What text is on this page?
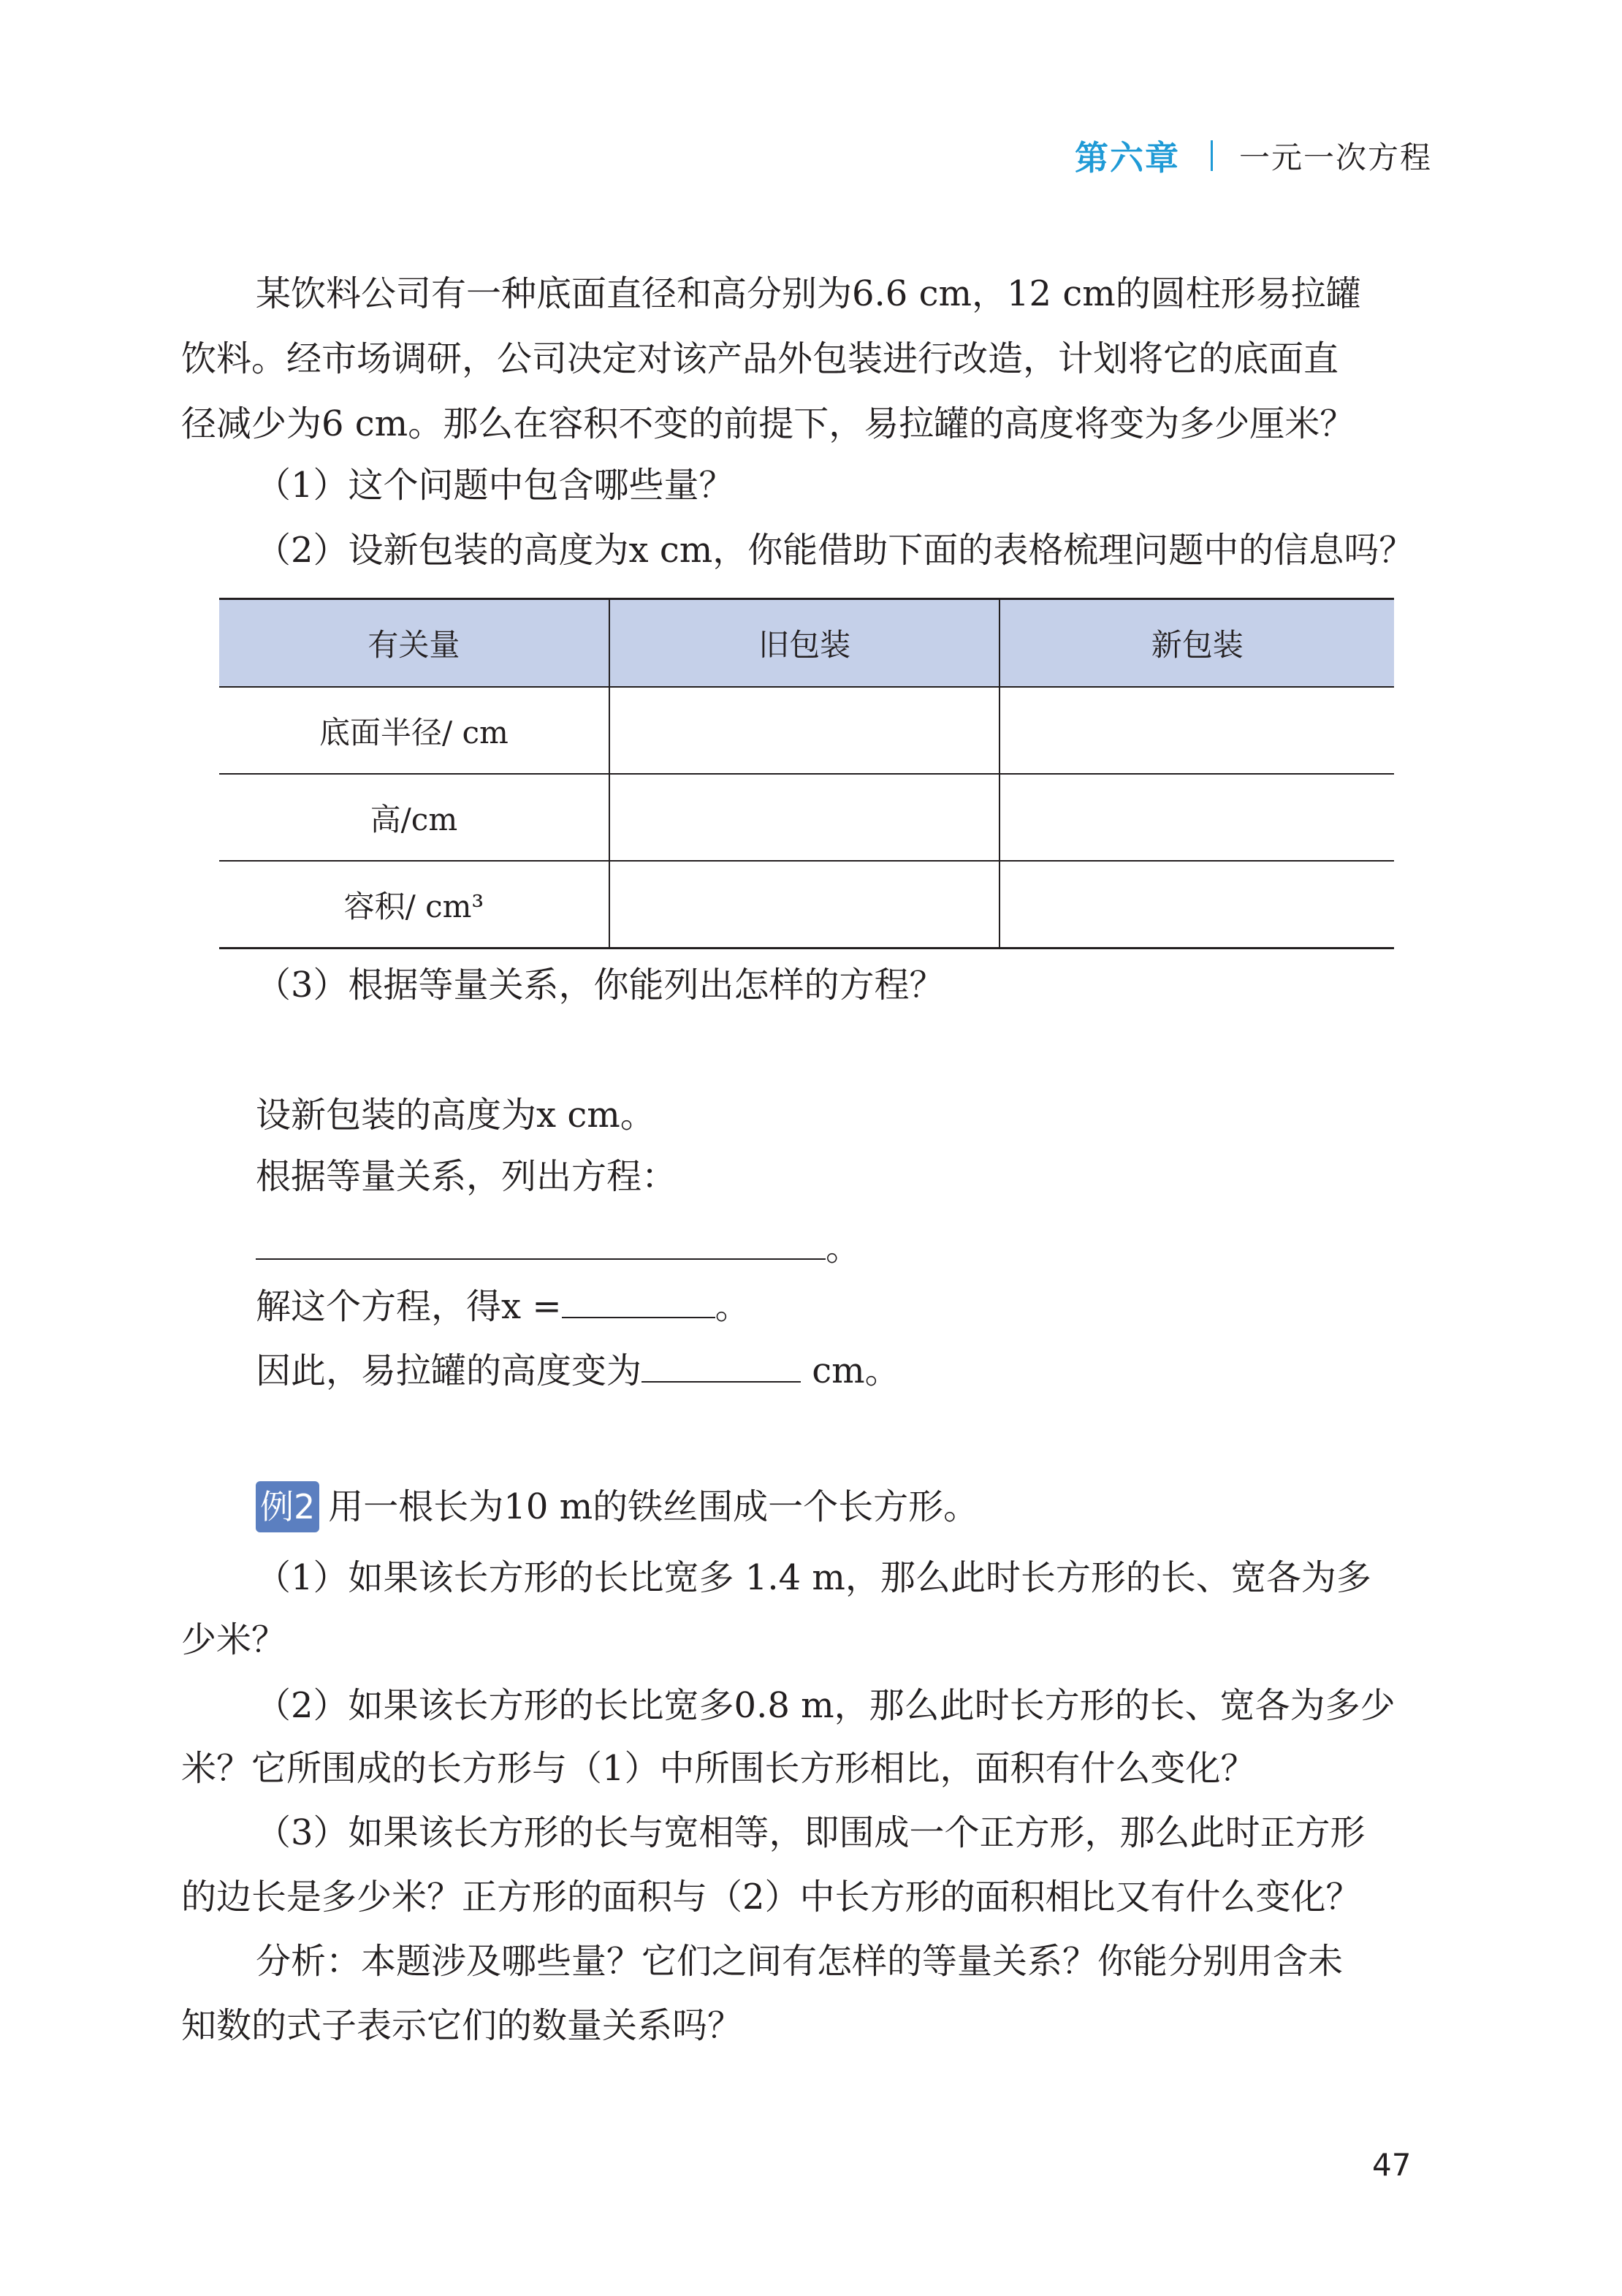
第六章 一元一次方程

某饮料公司有一种底面直径和高分别为6.6 cm，12 cm的圆柱形易拉罐

饮料。经市场调研，公司决定对该产品外包装进行改造，计划将它的底面直

径减少为6 cm。那么在容积不变的前提下，易拉罐的高度将变为多少厘米？

（1）这个问题中包含哪些量？

（2）设新包装的高度为x cm，你能借助下面的表格梳理问题中的信息吗？

有关量	旧包装	新包装
底面半径/ cm		
高/cm		
容积/ cm³		

（3）根据等量关系，你能列出怎样的方程？

设新包装的高度为x cm。

根据等量关系，列出方程：

。

解这个方程，得x =	。

因此，易拉罐的高度变为	cm。

例2 用一根长为10 m的铁丝围成一个长方形。

（1）如果该长方形的长比宽多 1.4 m，那么此时长方形的长、宽各为多

少米？

（2）如果该长方形的长比宽多0.8 m，那么此时长方形的长、宽各为多少

米？它所围成的长方形与（1）中所围长方形相比，面积有什么变化？

（3）如果该长方形的长与宽相等，即围成一个正方形，那么此时正方形

的边长是多少米？正方形的面积与（2）中长方形的面积相比又有什么变化？

分析：本题涉及哪些量？它们之间有怎样的等量关系？你能分别用含未

知数的式子表示它们的数量关系吗？

47
